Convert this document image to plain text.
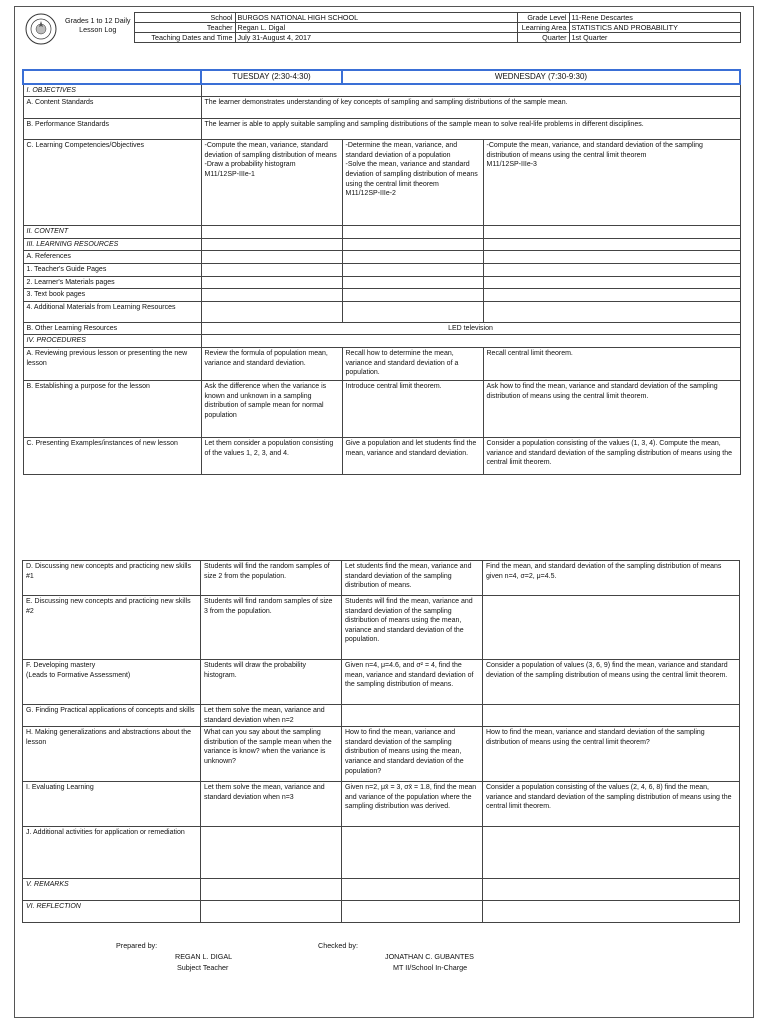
	Grades 1 to 12 Daily Lesson Log	School	BURGOS NATIONAL HIGH SCHOOL	Grade Level	11-Rene Descartes
		Teacher	Regan L. Digal	Learning Area	STATISTICS AND PROBABILITY
		Teaching Dates and Time	July 31-August 4, 2017	Quarter	1st Quarter
	TUESDAY (2:30-4:30)	WEDNESDAY (7:30-9:30)	
I. OBJECTIVES			
A. Content Standards	The learner demonstrates understanding of key concepts of sampling and sampling distributions of the sample mean.		
B. Performance Standards	The learner is able to apply suitable sampling and sampling distributions of the sample mean to solve real-life problems in different disciplines.		
C. Learning Competencies/Objectives	-Compute the mean, variance, standard deviation of sampling distribution of means
-Draw a probability histogram
M11/12SP-IIIe-1	-Determine the mean, variance, and standard deviation of a population
-Solve the mean, variance and standard deviation of sampling distribution of means using the central limit theorem
M11/12SP-IIIe-2	-Compute the mean, variance, and standard deviation of the sampling distribution of means using the central limit theorem
M11/12SP-IIIe-3
II. CONTENT			
III. LEARNING RESOURCES			
A. References			
1. Teacher's Guide Pages			
2. Learner's Materials pages			
3. Text book pages			
4. Additional Materials from Learning Resources			
B. Other Learning Resources	LED television		
IV. PROCEDURES			
A. Reviewing previous lesson or presenting the new lesson	Review the formula of population mean, variance and standard deviation.	Recall how to determine the mean, variance and standard deviation of a population.	Recall central limit theorem.
B. Establishing a purpose for the lesson	Ask the difference when the variance is known and unknown in a sampling distribution of sample mean for normal population	Introduce central limit theorem.	Ask how to find the mean, variance and standard deviation of the sampling distribution of means using the central limit theorem.
C. Presenting Examples/instances of new lesson	Let them consider a population consisting of the values 1, 2, 3, and 4.	Give a population and let students find the mean, variance and standard deviation.	Consider a population consisting of the values (1, 3, 4). Compute the mean, variance and standard deviation of the sampling distribution of means using the central limit theorem.
D. Discussing new concepts and practicing new skills #1	Students will find the random samples of size 2 from the population.	Let students find the mean, variance and standard deviation of the sampling distribution of means.	Find the mean, and standard deviation of the sampling distribution of means given n=4, σ=2, μ=4.5.
E. Discussing new concepts and practicing new skills #2	Students will find random samples of size 3 from the population.	Students will find the mean, variance and standard deviation of the sampling distribution of means using the mean, variance and standard deviation of the population.	
F. Developing mastery
(Leads to Formative Assessment)	Students will draw the probability histogram.	Given n=4, μ=4.6, and σ² = 4, find the mean, variance and standard deviation of the sampling distribution of means.	Consider a population of values (3, 6, 9) find the mean, variance and standard deviation of the sampling distribution of means using the central limit theorem.
G. Finding Practical applications of concepts and skills	Let them solve the mean, variance and standard deviation when n=2		
H. Making generalizations and abstractions about the lesson	What can you say about the sampling distribution of the sample mean when the variance is know? when the variance is unknown?	How to find the mean, variance and standard deviation of the sampling distribution of means using the mean, variance and standard deviation of the population?	How to find the mean, variance and standard deviation of the sampling distribution of means using the central limit theorem?
I. Evaluating Learning	Let them solve the mean, variance and standard deviation when n=3	Given n=2, μx̄ = 3, σx̄ = 1.8, find the mean and variance of the population where the sampling distribution was derived.	Consider a population consisting of the values (2, 4, 6, 8) find the mean, variance and standard deviation of the sampling distribution of means using the central limit theorem.
J. Additional activities for application or remediation			
V. REMARKS			
VI. REFLECTION			
Prepared by:
REGAN L. DIGAL
Subject Teacher
Checked by:
JONATHAN C. GUBANTES
MT II/School In-Charge
